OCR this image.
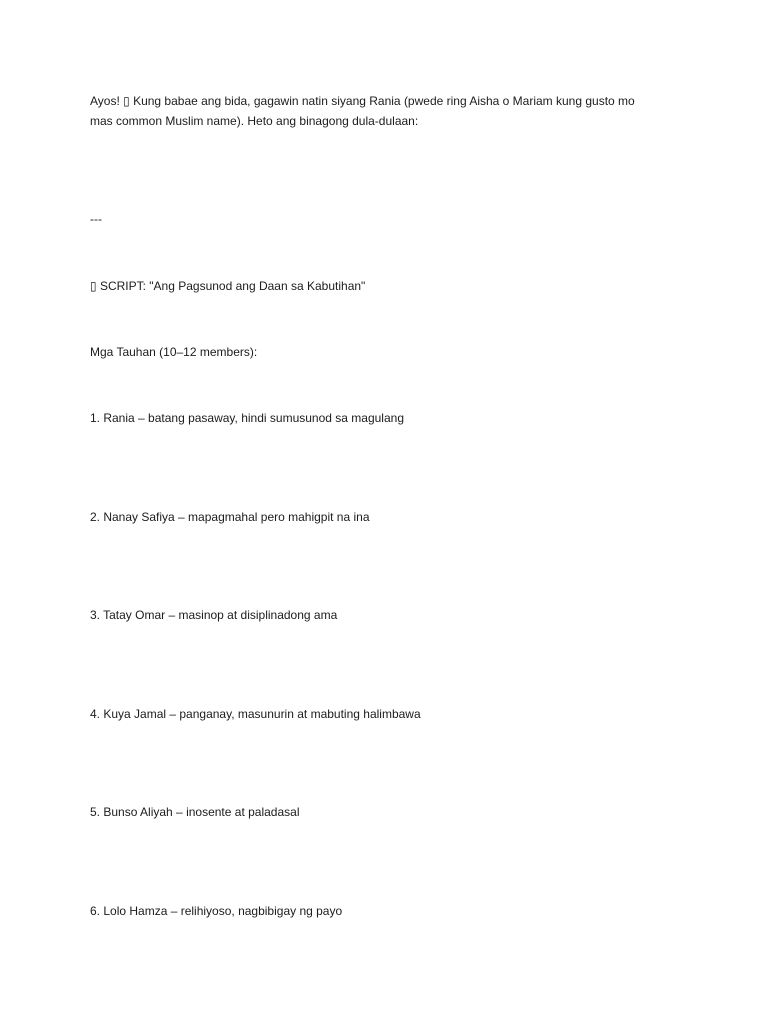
Ayos! ▯ Kung babae ang bida, gagawin natin siyang Rania (pwede ring Aisha o Mariam kung gusto mo
mas common Muslim name). Heto ang binagong dula-dulaan:
---
▯ SCRIPT: "Ang Pagsunod ang Daan sa Kabutihan"
Mga Tauhan (10–12 members):
1. Rania – batang pasaway, hindi sumusunod sa magulang
2. Nanay Safiya – mapagmahal pero mahigpit na ina
3. Tatay Omar – masinop at disiplinadong ama
4. Kuya Jamal – panganay, masunurin at mabuting halimbawa
5. Bunso Aliyah – inosente at paladasal
6. Lolo Hamza – relihiyoso, nagbibigay ng payo
